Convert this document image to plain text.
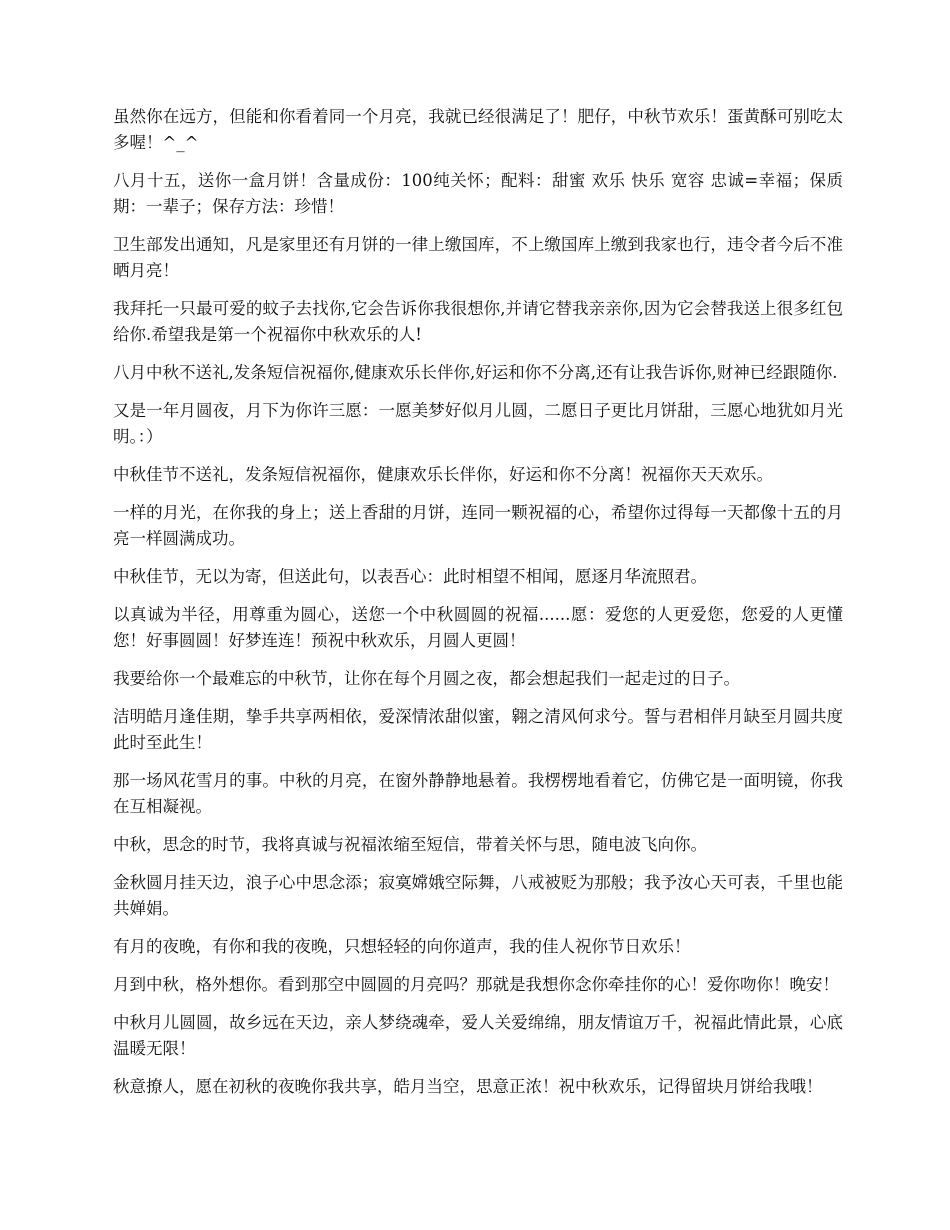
虽然你在远方，但能和你看着同一个月亮，我就已经很满足了！肥仔，中秋节欢乐！蛋黄酥可别吃太多喔！^_^

八月十五，送你一盒月饼！含量成份：100纯关怀；配料：甜蜜 欢乐 快乐 宽容 忠诚=幸福；保质期：一辈子；保存方法：珍惜！

卫生部发出通知，凡是家里还有月饼的一律上缴国库，不上缴国库上缴到我家也行，违令者今后不准晒月亮！

我拜托一只最可爱的蚊子去找你,它会告诉你我很想你,并请它替我亲亲你,因为它会替我送上很多红包给你.希望我是第一个祝福你中秋欢乐的人!

八月中秋不送礼,发条短信祝福你,健康欢乐长伴你,好运和你不分离,还有让我告诉你,财神已经跟随你.

又是一年月圆夜，月下为你许三愿：一愿美梦好似月儿圆，二愿日子更比月饼甜，三愿心地犹如月光明。：）

中秋佳节不送礼，发条短信祝福你，健康欢乐长伴你，好运和你不分离！祝福你天天欢乐。

一样的月光，在你我的身上；送上香甜的月饼，连同一颗祝福的心，希望你过得每一天都像十五的月亮一样圆满成功。

中秋佳节，无以为寄，但送此句，以表吾心：此时相望不相闻，愿逐月华流照君。

以真诚为半径，用尊重为圆心，送您一个中秋圆圆的祝福......愿：爱您的人更爱您，您爱的人更懂您！好事圆圆！好梦连连！预祝中秋欢乐，月圆人更圆！

我要给你一个最难忘的中秋节，让你在每个月圆之夜，都会想起我们一起走过的日子。

洁明皓月逢佳期，挚手共享两相依，爱深情浓甜似蜜，翱之清风何求兮。誓与君相伴月缺至月圆共度此时至此生！

那一场风花雪月的事。中秋的月亮，在窗外静静地悬着。我楞楞地看着它，仿佛它是一面明镜，你我在互相凝视。

中秋，思念的时节，我将真诚与祝福浓缩至短信，带着关怀与思，随电波飞向你。

金秋圆月挂天边，浪子心中思念添；寂寞嫦娥空际舞，八戒被贬为那般；我予汝心天可表，千里也能共婵娟。

有月的夜晚，有你和我的夜晚，只想轻轻的向你道声，我的佳人祝你节日欢乐！

月到中秋，格外想你。看到那空中圆圆的月亮吗？那就是我想你念你牵挂你的心！爱你吻你！晚安！

中秋月儿圆圆，故乡远在天边，亲人梦绕魂牵，爱人关爱绵绵，朋友情谊万千，祝福此情此景，心底温暖无限！

秋意撩人，愿在初秋的夜晚你我共享，皓月当空，思意正浓！祝中秋欢乐，记得留块月饼给我哦！
